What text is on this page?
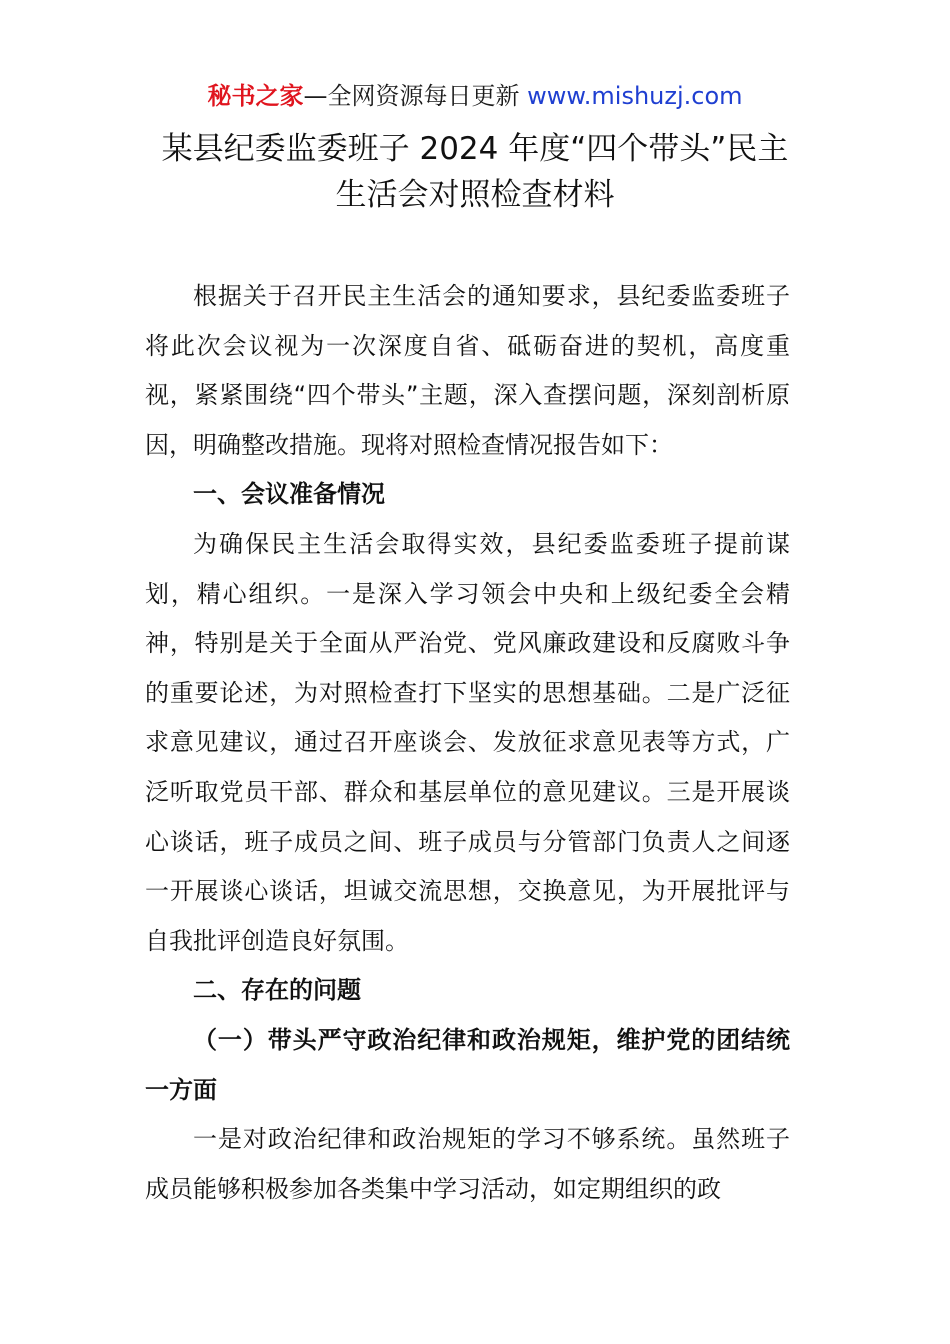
秘书之家—全网资源每日更新 www.mishuzj.com
某县纪委监委班子 2024 年度“四个带头”民主
生活会对照检查材料

根据关于召开民主生活会的通知要求，县纪委监委班子将此次会议视为一次深度自省、砥砺奋进的契机，高度重视，紧紧围绕“四个带头”主题，深入查摆问题，深刻剖析原因，明确整改措施。现将对照检查情况报告如下：

一、会议准备情况

为确保民主生活会取得实效，县纪委监委班子提前谋划，精心组织。一是深入学习领会中央和上级纪委全会精神，特别是关于全面从严治党、党风廉政建设和反腐败斗争的重要论述，为对照检查打下坚实的思想基础。二是广泛征求意见建议，通过召开座谈会、发放征求意见表等方式，广泛听取党员干部、群众和基层单位的意见建议。三是开展谈心谈话，班子成员之间、班子成员与分管部门负责人之间逐一开展谈心谈话，坦诚交流思想，交换意见，为开展批评与自我批评创造良好氛围。

二、存在的问题

（一）带头严守政治纪律和政治规矩，维护党的团结统一方面

一是对政治纪律和政治规矩的学习不够系统。虽然班子成员能够积极参加各类集中学习活动，如定期组织的政
